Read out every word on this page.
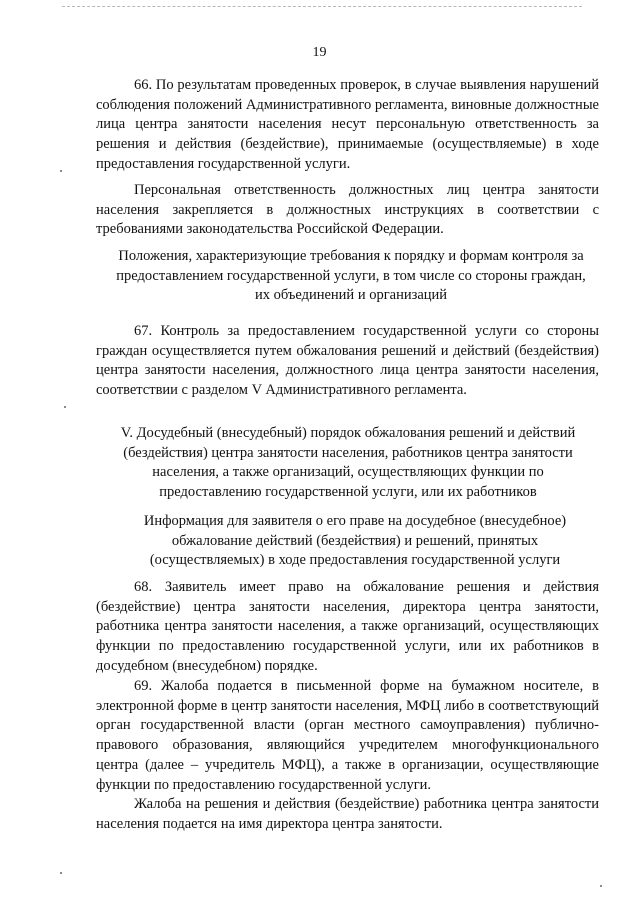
19

66. По результатам проведенных проверок, в случае выявления нарушений соблюдения положений Административного регламента, виновные должностные лица центра занятости населения несут персональную ответственность за решения и действия (бездействие), принимаемые (осуществляемые) в ходе предоставления государственной услуги.

Персональная ответственность должностных лиц центра занятости населения закрепляется в должностных инструкциях в соответствии с требованиями законодательства Российской Федерации.

Положения, характеризующие требования к порядку и формам контроля за предоставлением государственной услуги, в том числе со стороны граждан, их объединений и организаций

67. Контроль за предоставлением государственной услуги со стороны граждан осуществляется путем обжалования решений и действий (бездействия) центра занятости населения, должностного лица центра занятости населения, соответствии с разделом V Административного регламента.

V. Досудебный (внесудебный) порядок обжалования решений и действий (бездействия) центра занятости населения, работников центра занятости населения, а также организаций, осуществляющих функции по предоставлению государственной услуги, или их работников

Информация для заявителя о его праве на досудебное (внесудебное) обжалование действий (бездействия) и решений, принятых (осуществляемых) в ходе предоставления государственной услуги

68. Заявитель имеет право на обжалование решения и действия (бездействие) центра занятости населения, директора центра занятости, работника центра занятости населения, а также организаций, осуществляющих функции по предоставлению государственной услуги, или их работников в досудебном (внесудебном) порядке.

69. Жалоба подается в письменной форме на бумажном носителе, в электронной форме в центр занятости населения, МФЦ либо в соответствующий орган государственной власти (орган местного самоуправления) публично-правового образования, являющийся учредителем многофункционального центра (далее – учредитель МФЦ), а также в организации, осуществляющие функции по предоставлению государственной услуги.

Жалоба на решения и действия (бездействие) работника центра занятости населения подается на имя директора центра занятости.
